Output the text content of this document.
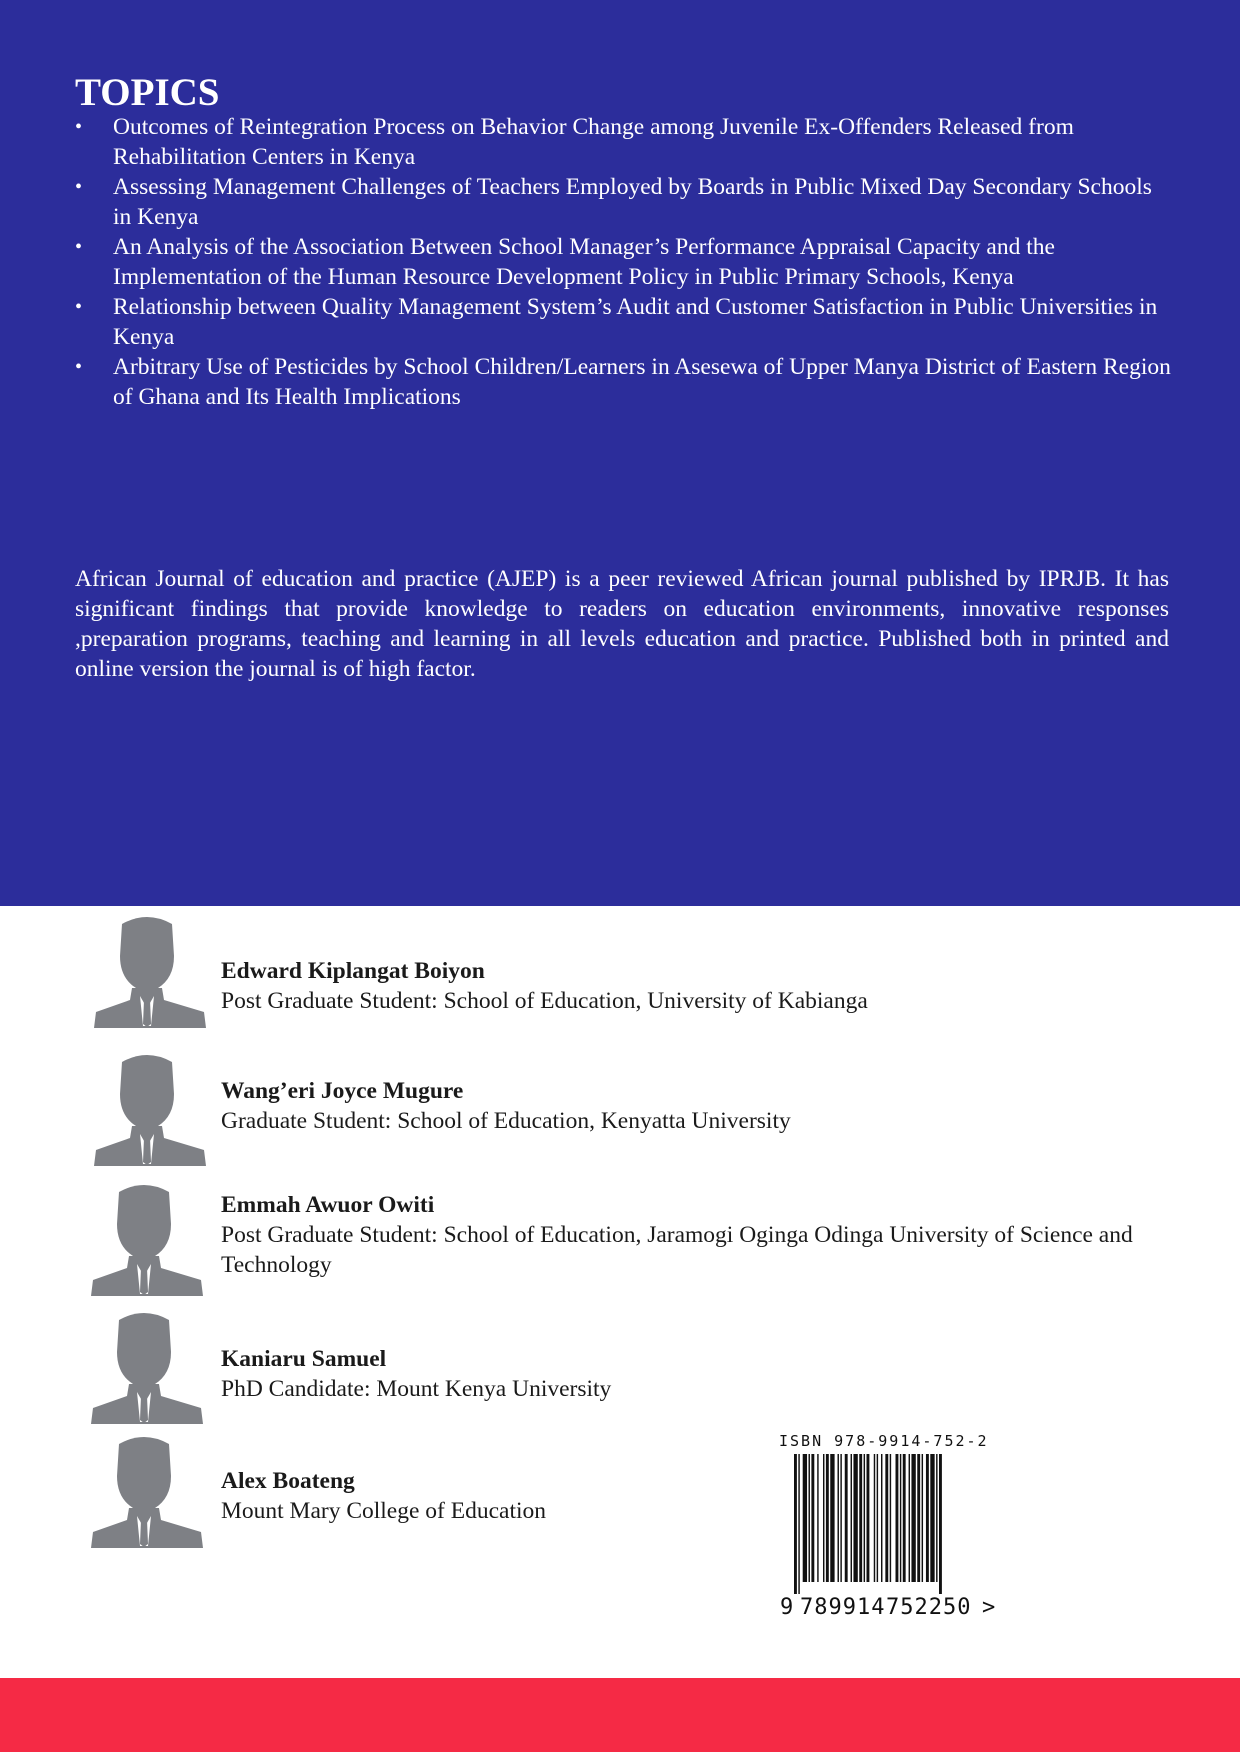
TOPICS
• Outcomes of Reintegration Process on Behavior Change among Juvenile Ex-Offenders Released from Rehabilitation Centers in Kenya
• Assessing Management Challenges of Teachers Employed by Boards in Public Mixed Day Secondary Schools in Kenya
• An Analysis of the Association Between School Manager’s Performance Appraisal Capacity and the Implementation of the Human Resource Development Policy in Public Primary Schools, Kenya
• Relationship between Quality Management System’s Audit and Customer Satisfaction in Public Universities in Kenya
• Arbitrary Use of Pesticides by School Children/Learners in Asesewa of Upper Manya District of Eastern Region of Ghana and Its Health Implications

African Journal of education and practice (AJEP) is a peer reviewed African journal published by IPRJB. It has significant findings that provide knowledge to readers on education environments, innovative responses ,preparation programs, teaching and learning in all levels education and practice. Published both in printed and online version the journal is of high factor.

Edward Kiplangat Boiyon
Post Graduate Student: School of Education, University of Kabianga
Wang’eri Joyce Mugure
Graduate Student: School of Education, Kenyatta University
Emmah Awuor Owiti
Post Graduate Student: School of Education, Jaramogi Oginga Odinga University of Science and Technology
Kaniaru Samuel
PhD Candidate: Mount Kenya University
Alex Boateng
Mount Mary College of Education
ISBN 978-9914-752-2
9 789914 752250 >
